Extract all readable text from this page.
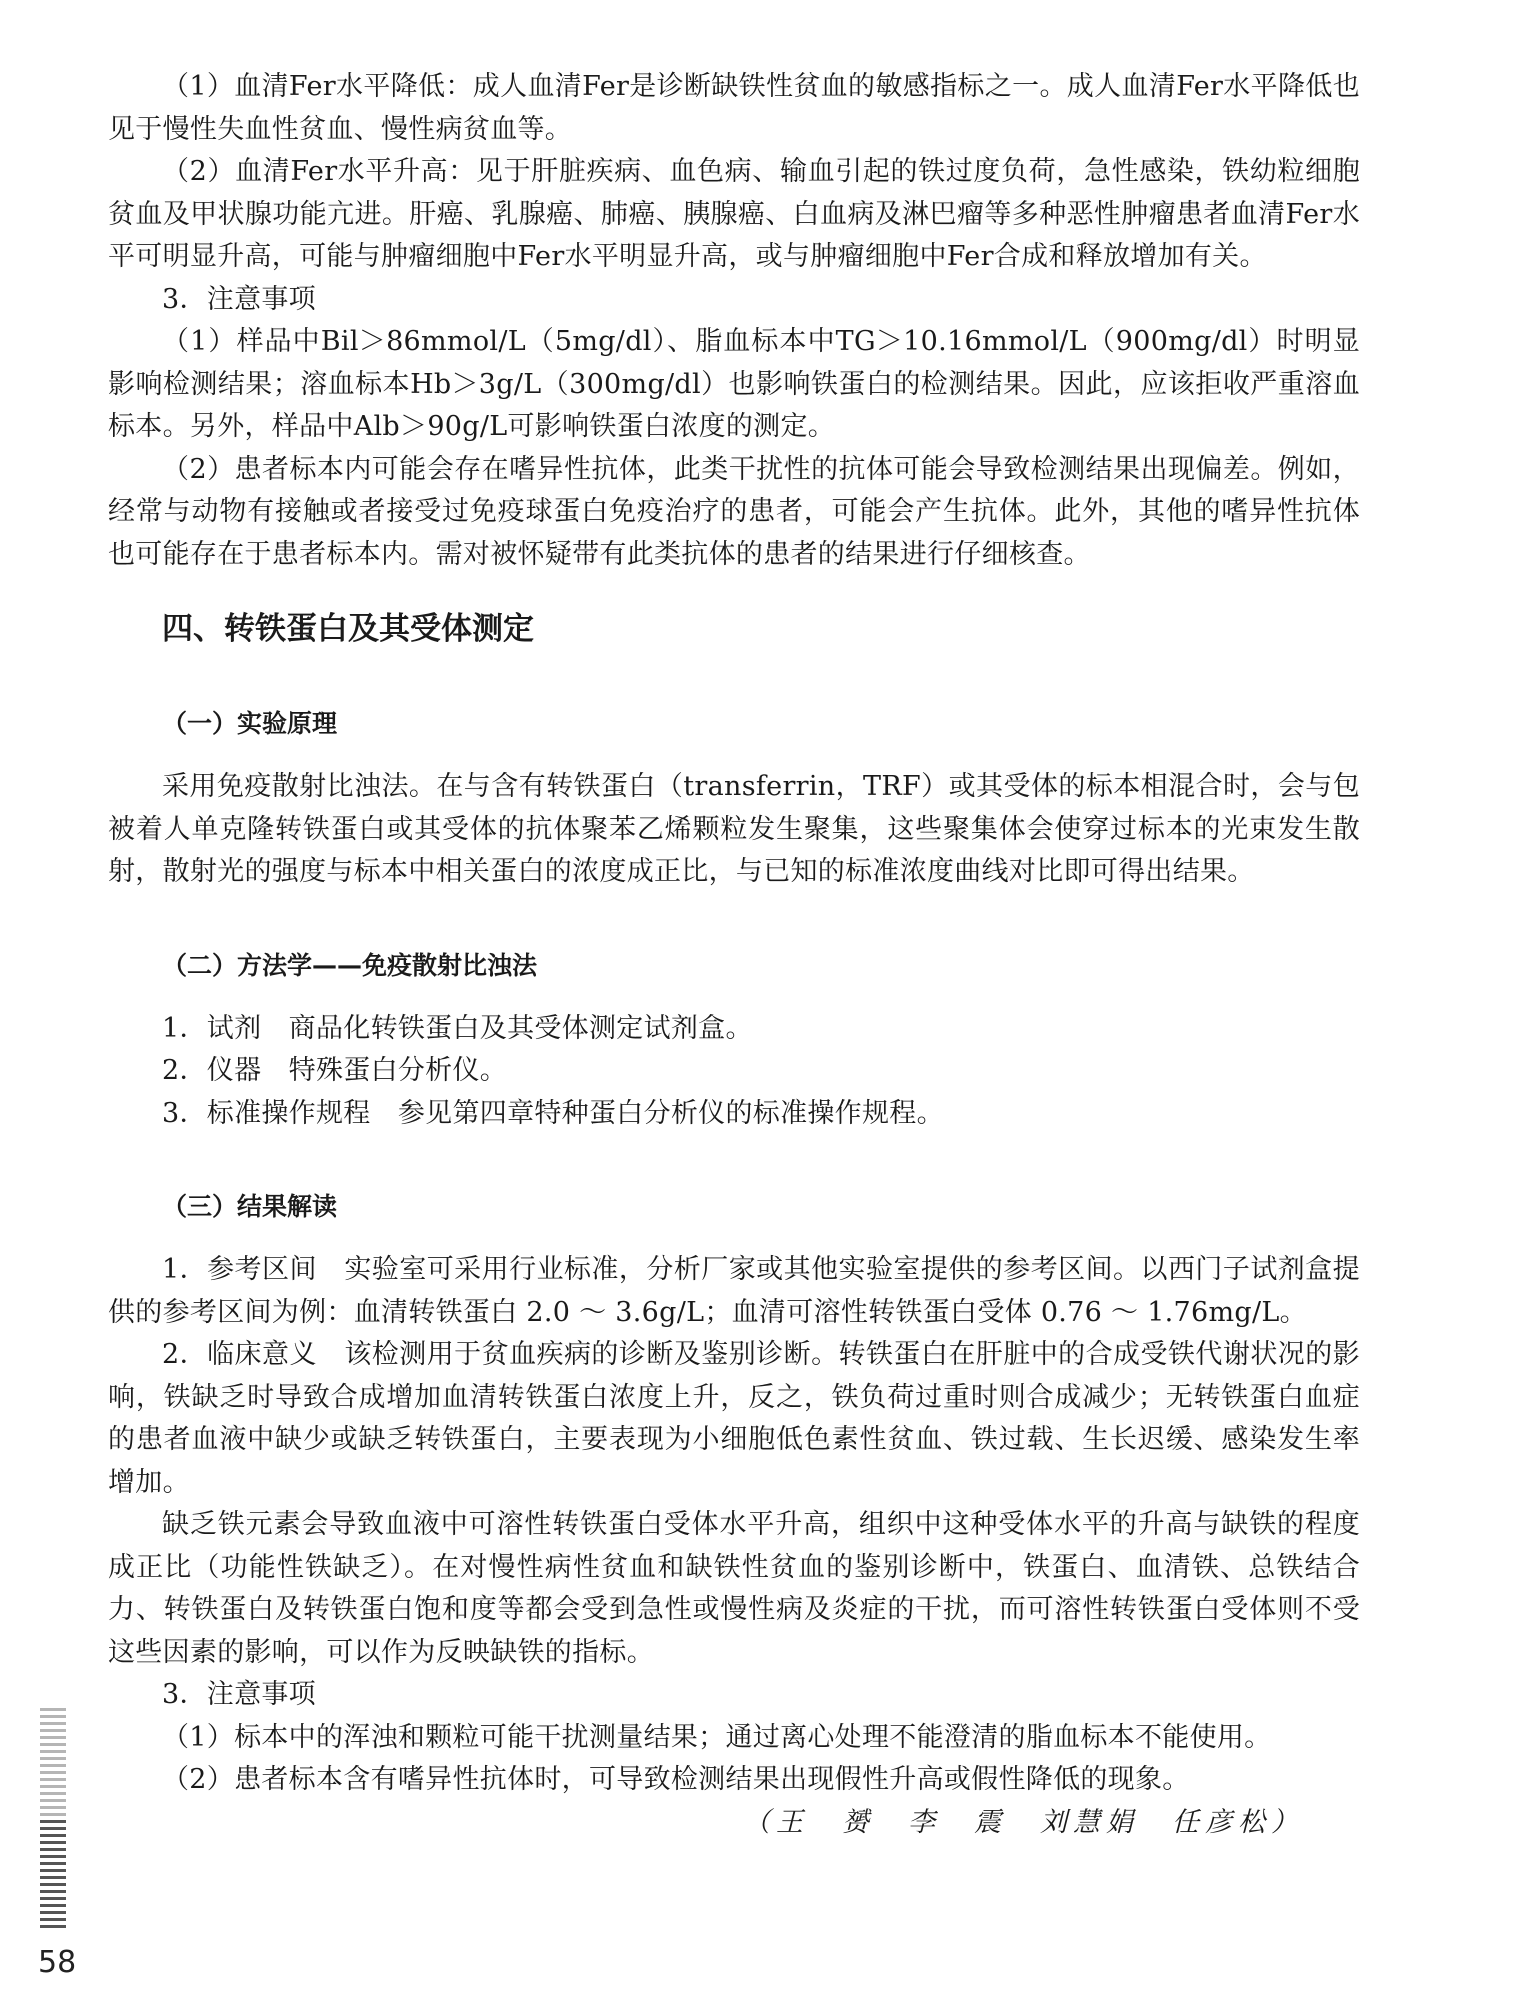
（1）血清Fer水平降低：成人血清Fer是诊断缺铁性贫血的敏感指标之一。成人血清Fer水平降低也见于慢性失血性贫血、慢性病贫血等。

（2）血清Fer水平升高：见于肝脏疾病、血色病、输血引起的铁过度负荷，急性感染，铁幼粒细胞贫血及甲状腺功能亢进。肝癌、乳腺癌、肺癌、胰腺癌、白血病及淋巴瘤等多种恶性肿瘤患者血清Fer水平可明显升高，可能与肿瘤细胞中Fer水平明显升高，或与肿瘤细胞中Fer合成和释放增加有关。

3．注意事项

（1）样品中Bil＞86mmol/L（5mg/dl）、脂血标本中TG＞10.16mmol/L（900mg/dl）时明显影响检测结果；溶血标本Hb＞3g/L（300mg/dl）也影响铁蛋白的检测结果。因此，应该拒收严重溶血标本。另外，样品中Alb＞90g/L可影响铁蛋白浓度的测定。

（2）患者标本内可能会存在嗜异性抗体，此类干扰性的抗体可能会导致检测结果出现偏差。例如，经常与动物有接触或者接受过免疫球蛋白免疫治疗的患者，可能会产生抗体。此外，其他的嗜异性抗体也可能存在于患者标本内。需对被怀疑带有此类抗体的患者的结果进行仔细核查。

四、转铁蛋白及其受体测定
（一）实验原理

采用免疫散射比浊法。在与含有转铁蛋白（transferrin，TRF）或其受体的标本相混合时，会与包被着人单克隆转铁蛋白或其受体的抗体聚苯乙烯颗粒发生聚集，这些聚集体会使穿过标本的光束发生散射，散射光的强度与标本中相关蛋白的浓度成正比，与已知的标准浓度曲线对比即可得出结果。

（二）方法学——免疫散射比浊法

1．试剂　商品化转铁蛋白及其受体测定试剂盒。

2．仪器　特殊蛋白分析仪。

3．标准操作规程　参见第四章特种蛋白分析仪的标准操作规程。

（三）结果解读

1．参考区间　实验室可采用行业标准，分析厂家或其他实验室提供的参考区间。以西门子试剂盒提供的参考区间为例：血清转铁蛋白 2.0 ～ 3.6g/L；血清可溶性转铁蛋白受体 0.76 ～ 1.76mg/L。

2．临床意义　该检测用于贫血疾病的诊断及鉴别诊断。转铁蛋白在肝脏中的合成受铁代谢状况的影响，铁缺乏时导致合成增加血清转铁蛋白浓度上升，反之，铁负荷过重时则合成减少；无转铁蛋白血症的患者血液中缺少或缺乏转铁蛋白，主要表现为小细胞低色素性贫血、铁过载、生长迟缓、感染发生率增加。

缺乏铁元素会导致血液中可溶性转铁蛋白受体水平升高，组织中这种受体水平的升高与缺铁的程度成正比（功能性铁缺乏）。在对慢性病性贫血和缺铁性贫血的鉴别诊断中，铁蛋白、血清铁、总铁结合力、转铁蛋白及转铁蛋白饱和度等都会受到急性或慢性病及炎症的干扰，而可溶性转铁蛋白受体则不受这些因素的影响，可以作为反映缺铁的指标。

3．注意事项

（1）标本中的浑浊和颗粒可能干扰测量结果；通过离心处理不能澄清的脂血标本不能使用。

（2）患者标本含有嗜异性抗体时，可导致检测结果出现假性升高或假性降低的现象。

（王　赟　李　震　刘慧娟　任彦松）
58
